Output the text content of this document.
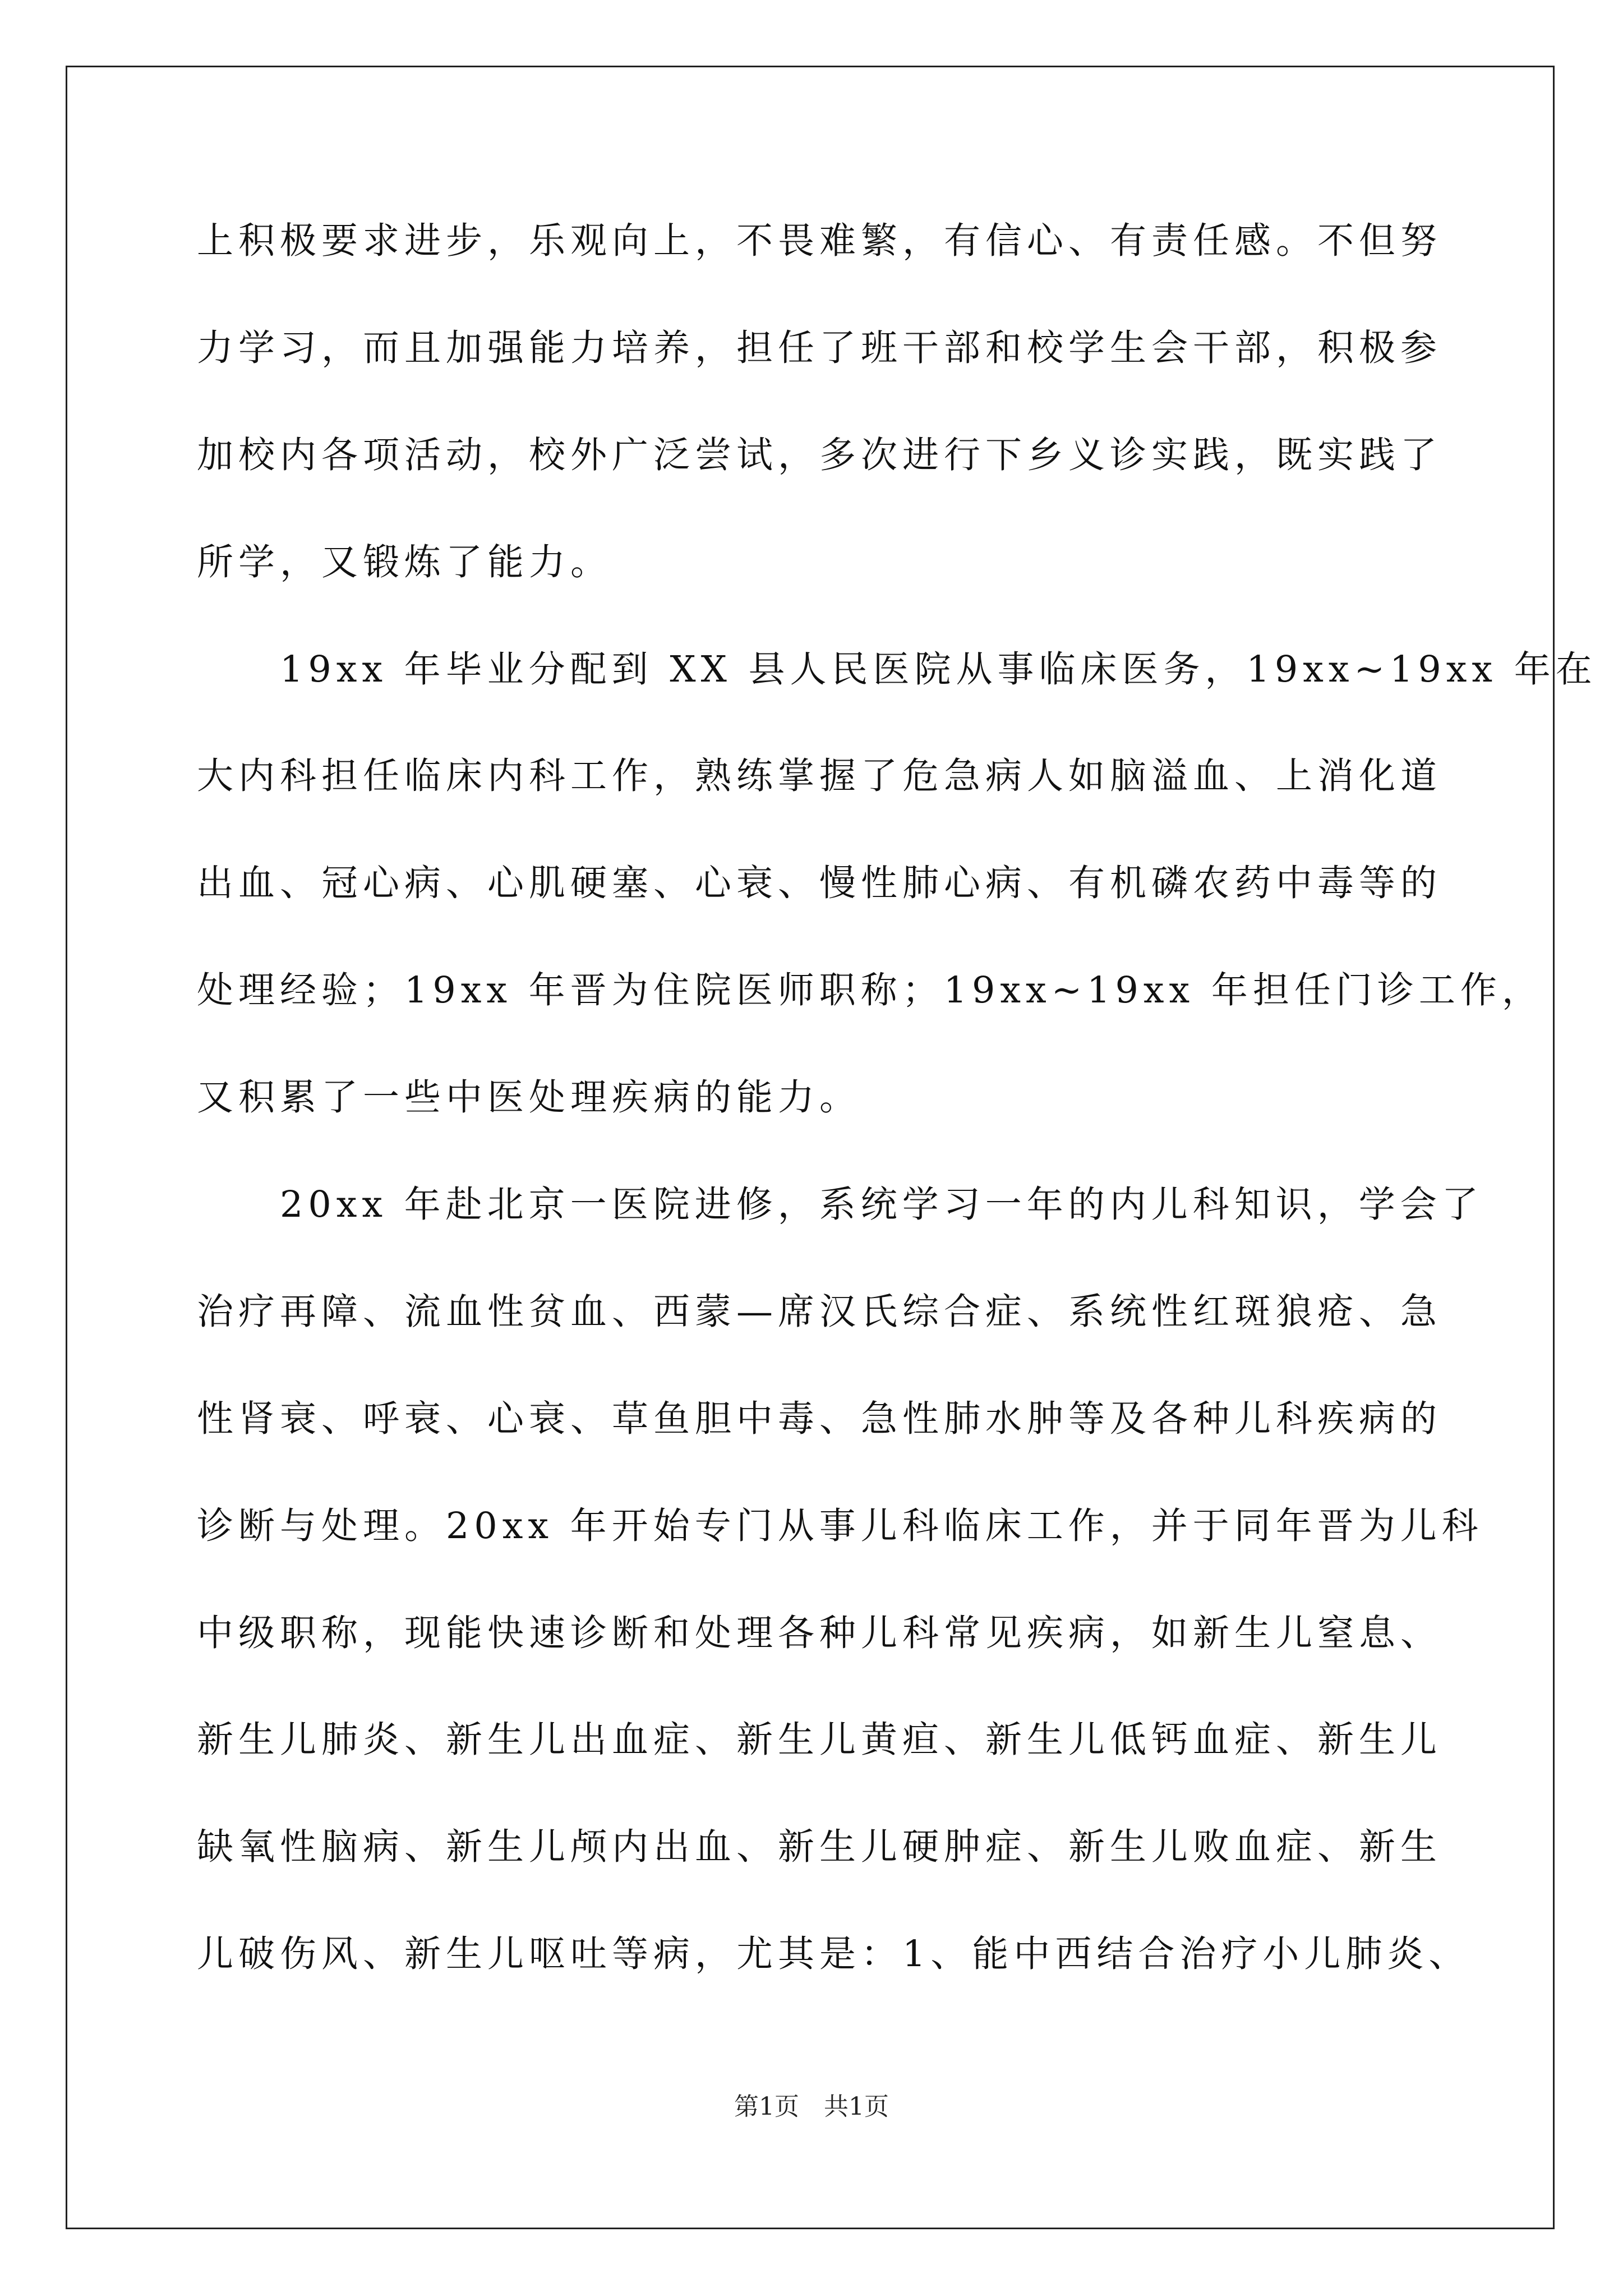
上积极要求进步，乐观向上，不畏难繁，有信心、有责任感。不但努
力学习，而且加强能力培养，担任了班干部和校学生会干部，积极参
加校内各项活动，校外广泛尝试，多次进行下乡义诊实践，既实践了
所学，又锻炼了能力。
　　19xx 年毕业分配到 XX 县人民医院从事临床医务，19xx~19xx 年在
大内科担任临床内科工作，熟练掌握了危急病人如脑溢血、上消化道
出血、冠心病、心肌硬塞、心衰、慢性肺心病、有机磷农药中毒等的
处理经验；19xx 年晋为住院医师职称；19xx~19xx 年担任门诊工作，
又积累了一些中医处理疾病的能力。
　　20xx 年赴北京一医院进修，系统学习一年的内儿科知识，学会了
治疗再障、流血性贫血、西蒙—席汉氏综合症、系统性红斑狼疮、急
性肾衰、呼衰、心衰、草鱼胆中毒、急性肺水肿等及各种儿科疾病的
诊断与处理。20xx 年开始专门从事儿科临床工作，并于同年晋为儿科
中级职称，现能快速诊断和处理各种儿科常见疾病，如新生儿窒息、
新生儿肺炎、新生儿出血症、新生儿黄疸、新生儿低钙血症、新生儿
缺氧性脑病、新生儿颅内出血、新生儿硬肿症、新生儿败血症、新生
儿破伤风、新生儿呕吐等病，尤其是：1、能中西结合治疗小儿肺炎、
第1页　共1页
